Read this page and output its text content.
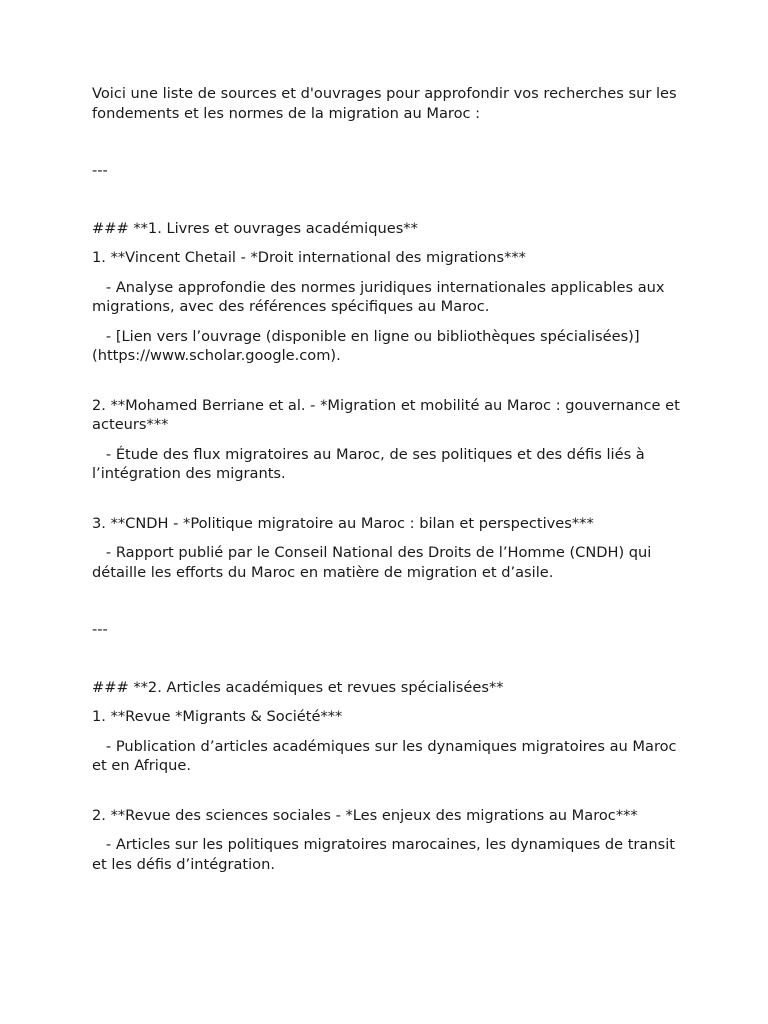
Voici une liste de sources et d'ouvrages pour approfondir vos recherches sur les fondements et les normes de la migration au Maroc :

---

### **1. Livres et ouvrages académiques**

1. **Vincent Chetail - *Droit international des migrations***

- Analyse approfondie des normes juridiques internationales applicables aux migrations, avec des références spécifiques au Maroc.

- [Lien vers l’ouvrage (disponible en ligne ou bibliothèques spécialisées)](https://www.scholar.google.com).

2. **Mohamed Berriane et al. - *Migration et mobilité au Maroc : gouvernance et acteurs***

- Étude des flux migratoires au Maroc, de ses politiques et des défis liés à l’intégration des migrants.

3. **CNDH - *Politique migratoire au Maroc : bilan et perspectives***

- Rapport publié par le Conseil National des Droits de l’Homme (CNDH) qui détaille les efforts du Maroc en matière de migration et d’asile.

---

### **2. Articles académiques et revues spécialisées**

1. **Revue *Migrants & Société***

- Publication d’articles académiques sur les dynamiques migratoires au Maroc et en Afrique.

2. **Revue des sciences sociales - *Les enjeux des migrations au Maroc***

- Articles sur les politiques migratoires marocaines, les dynamiques de transit et les défis d’intégration.
